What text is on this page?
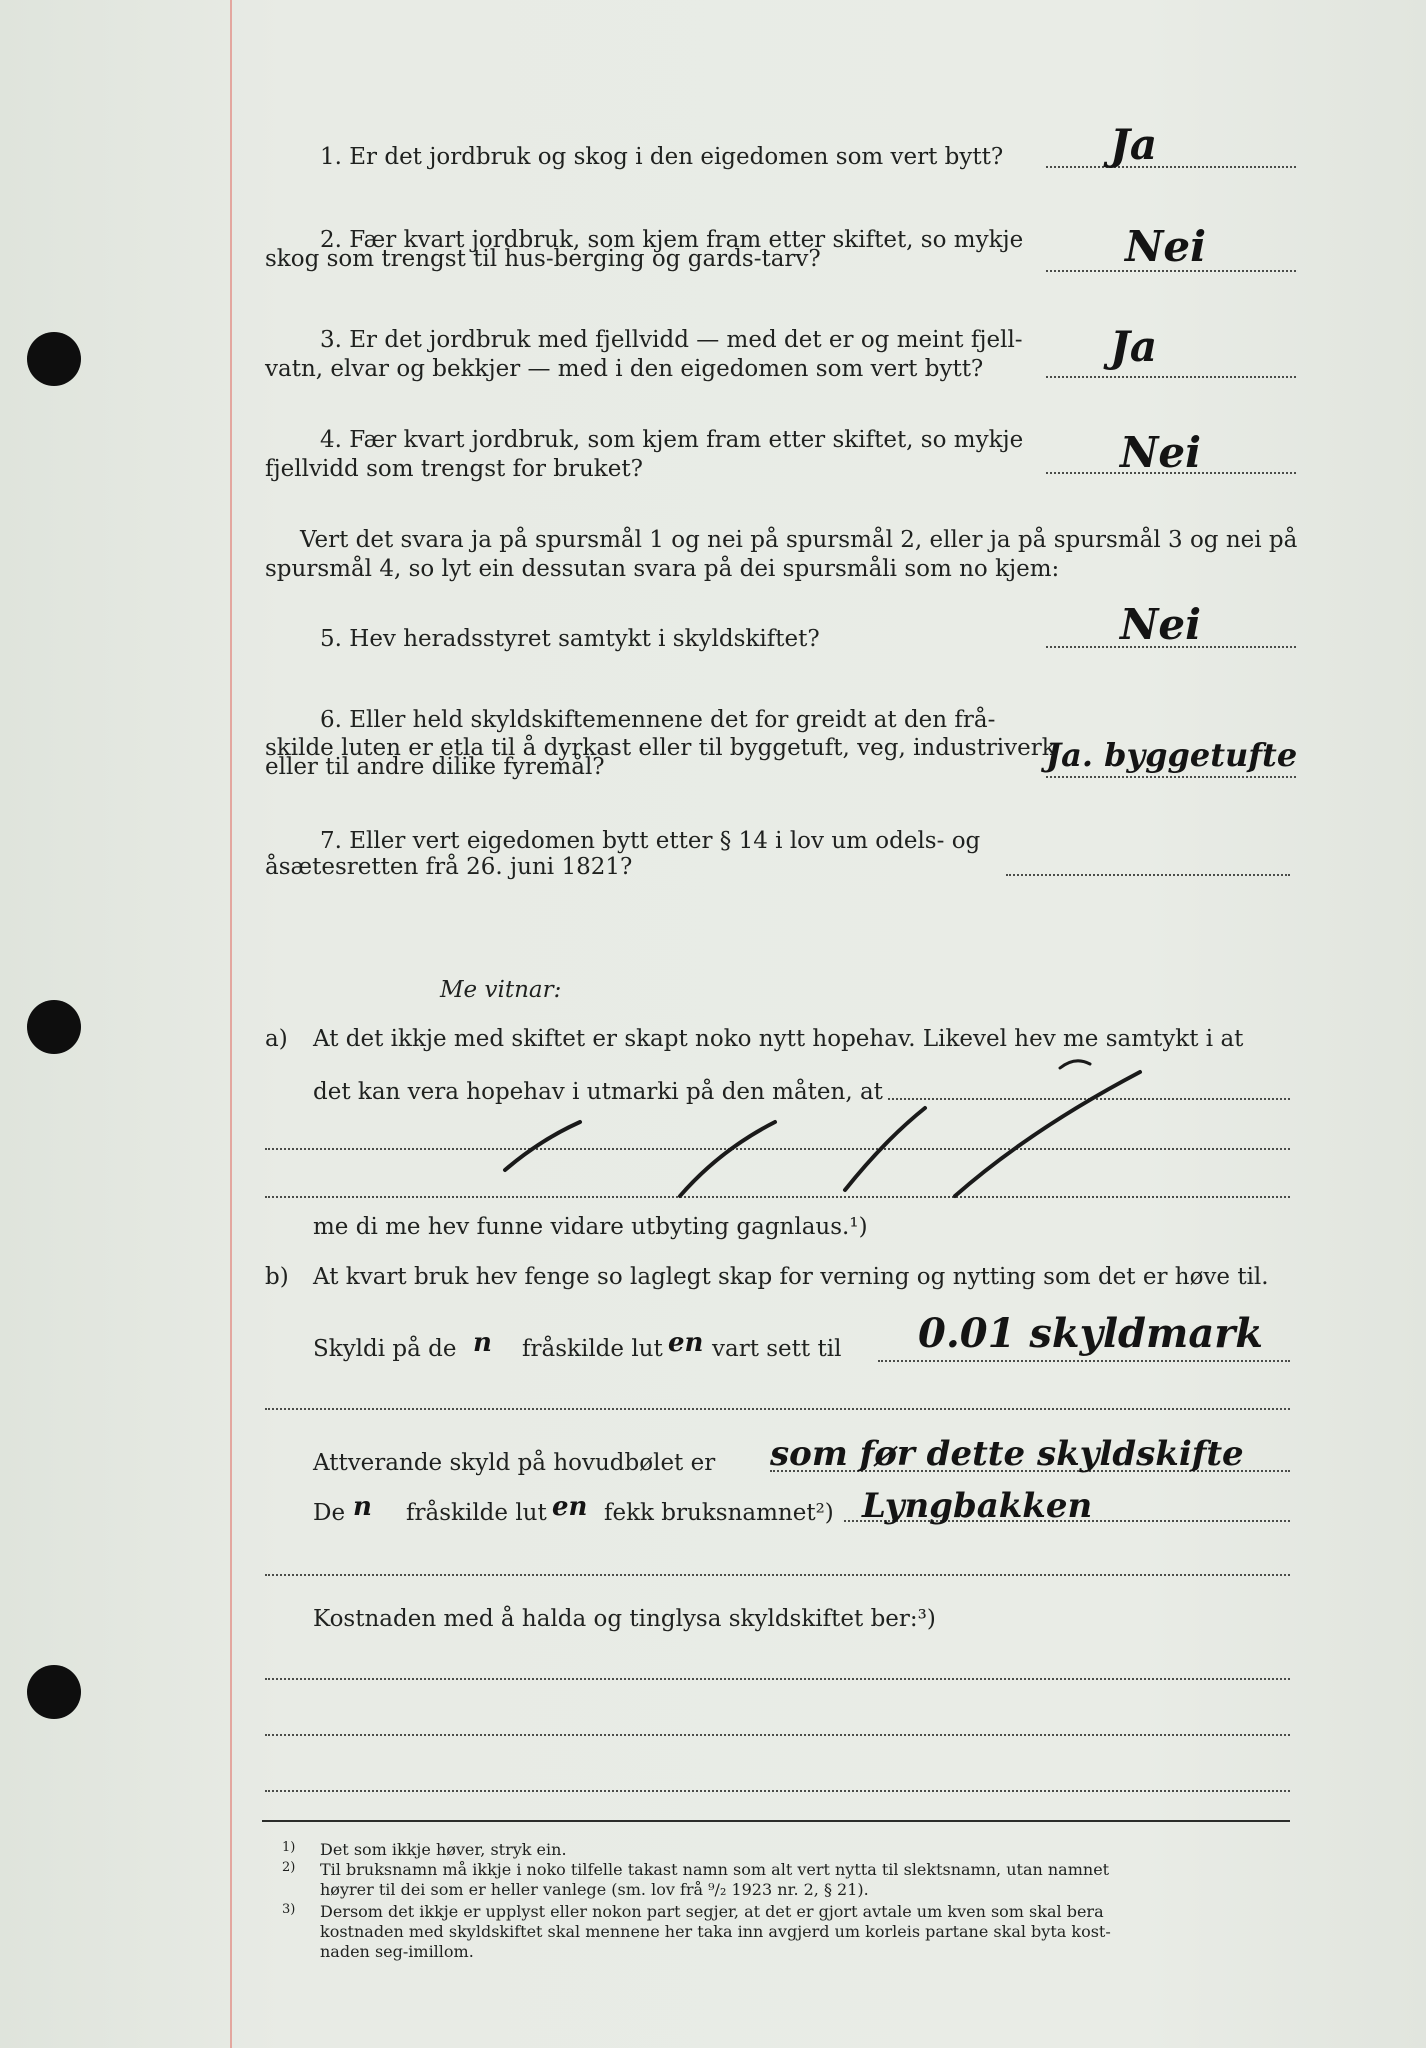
1. Er det jordbruk og skog i den eigedomen som vert bytt?	Ja
2. Fær kvart jordbruk, som kjem fram etter skiftet, so mykje
skog som trengst til hus-berging og gards-tarv?	Nei
3. Er det jordbruk med fjellvidd — med det er og meint fjell-
vatn, elvar og bekkjer — med i den eigedomen som vert bytt?	Ja
4. Fær kvart jordbruk, som kjem fram etter skiftet, so mykje
fjellvidd som trengst for bruket?	Nei
Vert det svara ja på spursmål 1 og nei på spursmål 2, eller ja på spursmål 3 og nei på
spursmål 4, so lyt ein dessutan svara på dei spursmåli som no kjem:
5. Hev heradsstyret samtykt i skyldskiftet?	Nei
6. Eller held skyldskiftemennene det for greidt at den frå-
skilde luten er etla til å dyrkast eller til byggetuft, veg, industriverk
eller til andre dilike fyremål?	Ja. byggetufte
7. Eller vert eigedomen bytt etter § 14 i lov um odels- og
åsætesretten frå 26. juni 1821?
Me vitnar:
a) At det ikkje med skiftet er skapt noko nytt hopehav. Likevel hev me samtykt i at
det kan vera hopehav i utmarki på den måten, at
me di me hev funne vidare utbyting gagnlaus.¹)
b) At kvart bruk hev fenge so laglegt skap for verning og nytting som det er høve til.
Skyldi på de n fråskilde lut en vart sett til 0.01 skyldmark
Attverande skyld på hovudbølet er som før dette skyldskifte
De n fråskilde lut en fekk bruksnamnet²) Lyngbakken
Kostnaden med å halda og tinglysa skyldskiftet ber:³)
1) Det som ikkje høver, stryk ein.
2) Til bruksnamn må ikkje i noko tilfelle takast namn som alt vert nytta til slektsnamn, utan namnet
høyrer til dei som er heller vanlege (sm. lov frå ⁹/₂ 1923 nr. 2, § 21).
3) Dersom det ikkje er upplyst eller nokon part segjer, at det er gjort avtale um kven som skal bera
kostnaden med skyldskiftet skal mennene her taka inn avgjerd um korleis partane skal byta kost-
naden seg-imillom.
